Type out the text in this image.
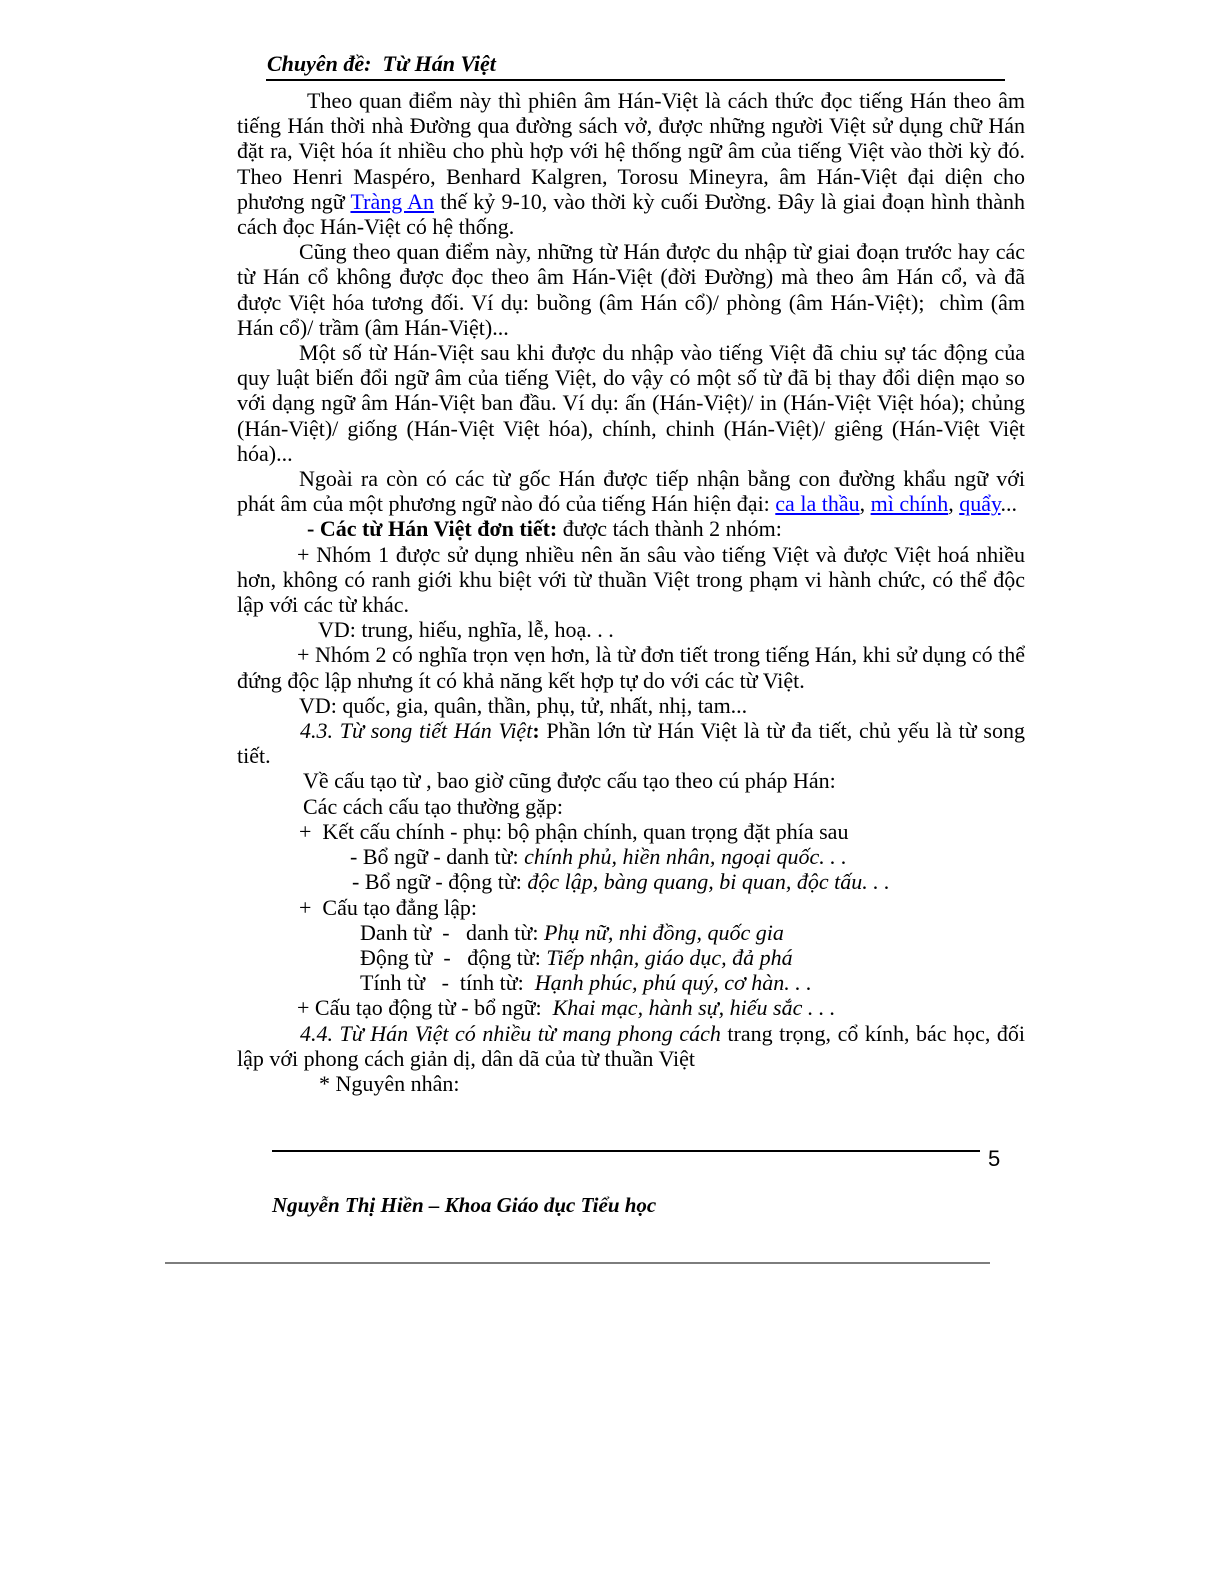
Chuyên đề:  Từ Hán Việt

Theo quan điểm này thì phiên âm Hán-Việt là cách thức đọc tiếng Hán theo âm tiếng Hán thời nhà Đường qua đường sách vở, được những người Việt sử dụng chữ Hán đặt ra, Việt hóa ít nhiều cho phù hợp với hệ thống ngữ âm của tiếng Việt vào thời kỳ đó. Theo Henri Maspéro, Benhard Kalgren, Torosu Mineyra, âm Hán-Việt đại diện cho phương ngữ Tràng An thế kỷ 9-10, vào thời kỳ cuối Đường. Đây là giai đoạn hình thành cách đọc Hán-Việt có hệ thống.

Cũng theo quan điểm này, những từ Hán được du nhập từ giai đoạn trước hay các từ Hán cổ không được đọc theo âm Hán-Việt (đời Đường) mà theo âm Hán cổ, và đã được Việt hóa tương đối. Ví dụ: buồng (âm Hán cổ)/ phòng (âm Hán-Việt);  chìm (âm Hán cổ)/ trầm (âm Hán-Việt)...

Một số từ Hán-Việt sau khi được du nhập vào tiếng Việt đã chiu sự tác động của quy luật biến đổi ngữ âm của tiếng Việt, do vậy có một số từ đã bị thay đổi diện mạo so với dạng ngữ âm Hán-Việt ban đầu. Ví dụ: ấn (Hán-Việt)/ in (Hán-Việt Việt hóa); chủng (Hán-Việt)/ giống (Hán-Việt Việt hóa), chính, chinh (Hán-Việt)/ giêng (Hán-Việt Việt hóa)...

Ngoài ra còn có các từ gốc Hán được tiếp nhận bằng con đường khẩu ngữ với phát âm của một phương ngữ nào đó của tiếng Hán hiện đại: ca la thầu, mì chính, quẩy...

- Các từ Hán Việt đơn tiết: được tách thành 2 nhóm:

+ Nhóm 1 được sử dụng nhiều nên ăn sâu vào tiếng Việt và được Việt hoá nhiều hơn, không có ranh giới khu biệt với từ thuần Việt trong phạm vi hành chức, có thể độc lập với các từ khác.

VD: trung, hiếu, nghĩa, lễ, hoạ. . .

+ Nhóm 2 có nghĩa trọn vẹn hơn, là từ đơn tiết trong tiếng Hán, khi sử dụng có thể đứng độc lập nhưng ít có khả năng kết hợp tự do với các từ Việt.

VD: quốc, gia, quân, thần, phụ, tử, nhất, nhị, tam...

4.3. Từ song tiết Hán Việt: Phần lớn từ Hán Việt là từ đa tiết, chủ yếu là từ song tiết.

Về cấu tạo từ , bao giờ cũng được cấu tạo theo cú pháp Hán:

Các cách cấu tạo thường gặp:

+  Kết cấu chính - phụ: bộ phận chính, quan trọng đặt phía sau

- Bổ ngữ - danh từ: chính phủ, hiền nhân, ngoại quốc. . .

- Bổ ngữ - động từ: độc lập, bàng quang, bi quan, độc tấu. . .

+  Cấu tạo đẳng lập:

Danh từ  -   danh từ: Phụ nữ, nhi đồng, quốc gia

Động từ  -   động từ: Tiếp nhận, giáo dục, đả phá

Tính từ   -  tính từ:  Hạnh phúc, phú quý, cơ hàn. . .

+ Cấu tạo động từ - bổ ngữ:  Khai mạc, hành sự, hiếu sắc . . .

4.4. Từ Hán Việt có nhiều từ mang phong cách trang trọng, cổ kính, bác học, đối lập với phong cách giản dị, dân dã của từ thuần Việt

* Nguyên nhân:

5
Nguyễn Thị Hiền – Khoa Giáo dục Tiểu học
